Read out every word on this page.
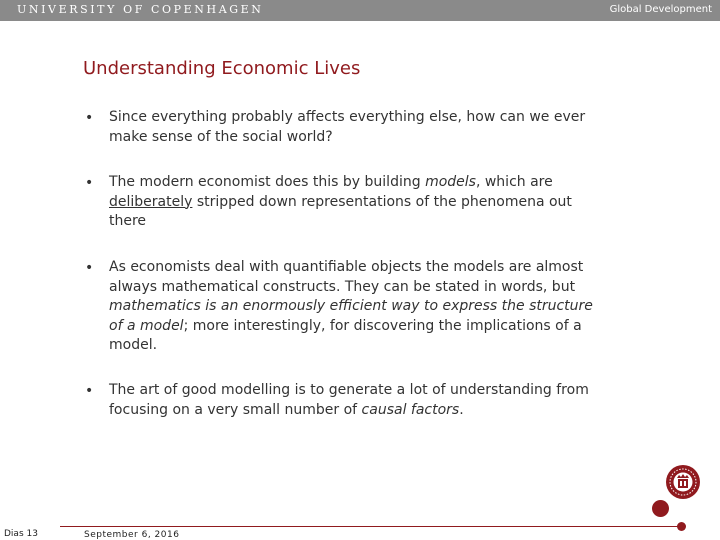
UNIVERSITY OF COPENHAGEN	Global Development
Understanding Economic Lives
• Since everything probably affects everything else, how can we ever make sense of the social world?
• The modern economist does this by building models, which are deliberately stripped down representations of the phenomena out there
• As economists deal with quantifiable objects the models are almost always mathematical constructs. They can be stated in words, but mathematics is an enormously efficient way to express the structure of a model; more interestingly, for discovering the implications of a model.
• The art of good modelling is to generate a lot of understanding from focusing on a very small number of causal factors.
Dias 13	September 6, 2016
